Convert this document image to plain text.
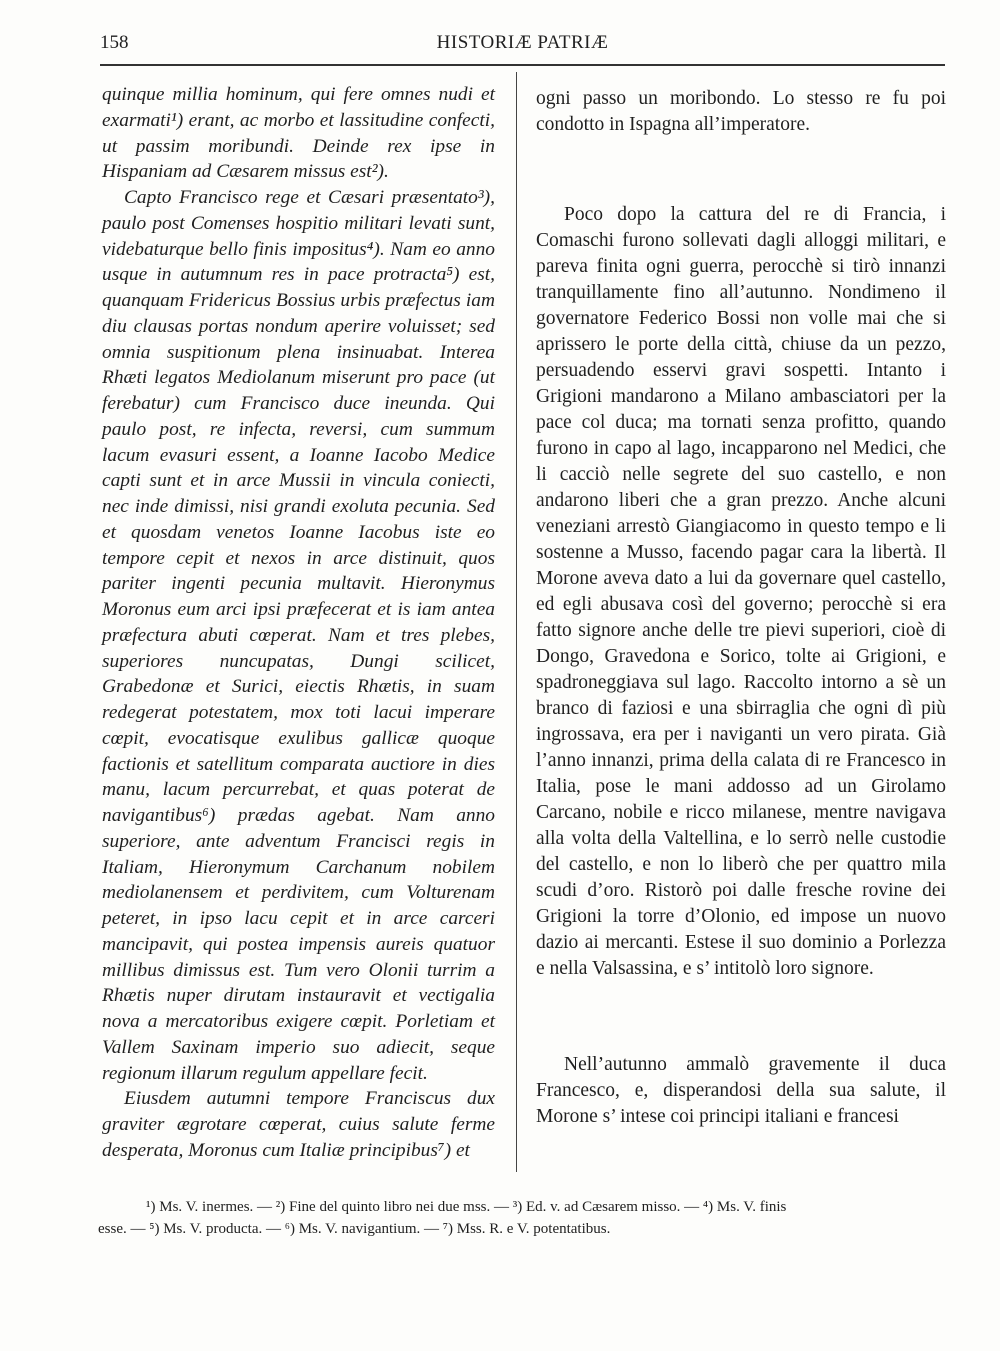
158	HISTORIÆ PATRIÆ

quinque millia hominum, qui fere omnes nudi et exarmati¹) erant, ac morbo et lassitudine confecti, ut passim moribundi. Deinde rex ipse in Hispaniam ad Cæsarem missus est²).

Capto Francisco rege et Cæsari præsentato³), paulo post Comenses hospitio militari levati sunt, videbaturque bello finis impositus⁴). Nam eo anno usque in autumnum res in pace protracta⁵) est, quanquam Fridericus Bossius urbis præfectus iam diu clausas portas nondum aperire voluisset; sed omnia suspitionum plena insinuabat. Interea Rhæti legatos Mediolanum miserunt pro pace (ut ferebatur) cum Francisco duce ineunda. Qui paulo post, re infecta, reversi, cum summum lacum evasuri essent, a Ioanne Iacobo Medice capti sunt et in arce Mussii in vincula coniecti, nec inde dimissi, nisi grandi exoluta pecunia. Sed et quosdam venetos Ioanne Iacobus iste eo tempore cepit et nexos in arce distinuit, quos pariter ingenti pecunia multavit. Hieronymus Moronus eum arci ipsi præfecerat et is iam antea præfectura abuti cœperat. Nam et tres plebes, superiores nuncupatas, Dungi scilicet, Grabedonæ et Surici, eiectis Rhætis, in suam redegerat potestatem, mox toti lacui imperare cœpit, evocatisque exulibus gallicæ quoque factionis et satellitum comparata auctiore in dies manu, lacum percurrebat, et quas poterat de navigantibus⁶) prædas agebat. Nam anno superiore, ante adventum Francisci regis in Italiam, Hieronymum Carchanum nobilem mediolanensem et perdivitem, cum Volturenam peteret, in ipso lacu cepit et in arce carceri mancipavit, qui postea impensis aureis quatuor millibus dimissus est. Tum vero Olonii turrim a Rhætis nuper dirutam instauravit et vectigalia nova a mercatoribus exigere cœpit. Porletiam et Vallem Saxinam imperio suo adiecit, seque regionum illarum regulum appellare fecit.

Eiusdem autumni tempore Franciscus dux graviter ægrotare cœperat, cuius salute ferme desperata, Moronus cum Italiæ principibus⁷) et

ogni passo un moribondo. Lo stesso re fu poi condotto in Ispagna all’imperatore.

Poco dopo la cattura del re di Francia, i Comaschi furono sollevati dagli alloggi militari, e pareva finita ogni guerra, perocchè si tirò innanzi tranquillamente fino all’autunno. Nondimeno il governatore Federico Bossi non volle mai che si aprissero le porte della città, chiuse da un pezzo, persuadendo esservi gravi sospetti. Intanto i Grigioni mandarono a Milano ambasciatori per la pace col duca; ma tornati senza profitto, quando furono in capo al lago, incapparono nel Medici, che li cacciò nelle segrete del suo castello, e non andarono liberi che a gran prezzo. Anche alcuni veneziani arrestò Giangiacomo in questo tempo e li sostenne a Musso, facendo pagar cara la libertà. Il Morone aveva dato a lui da governare quel castello, ed egli abusava così del governo; perocchè si era fatto signore anche delle tre pievi superiori, cioè di Dongo, Gravedona e Sorico, tolte ai Grigioni, e spadroneggiava sul lago. Raccolto intorno a sè un branco di faziosi e una sbirraglia che ogni dì più ingrossava, era per i naviganti un vero pirata. Già l’anno innanzi, prima della calata di re Francesco in Italia, pose le mani addosso ad un Girolamo Carcano, nobile e ricco milanese, mentre navigava alla volta della Valtellina, e lo serrò nelle custodie del castello, e non lo liberò che per quattro mila scudi d’oro. Ristorò poi dalle fresche rovine dei Grigioni la torre d’Olonio, ed impose un nuovo dazio ai mercanti. Estese il suo dominio a Porlezza e nella Valsassina, e s’ intitolò loro signore.

Nell’autunno ammalò gravemente il duca Francesco, e, disperandosi della sua salute, il Morone s’ intese coi principi italiani e francesi

¹) Ms. V. inermes. — ²) Fine del quinto libro nei due mss. — ³) Ed. v. ad Cæsarem misso. — ⁴) Ms. V. finis
esse. — ⁵) Ms. V. producta. — ⁶) Ms. V. navigantium. — ⁷) Mss. R. e V. potentatibus.
